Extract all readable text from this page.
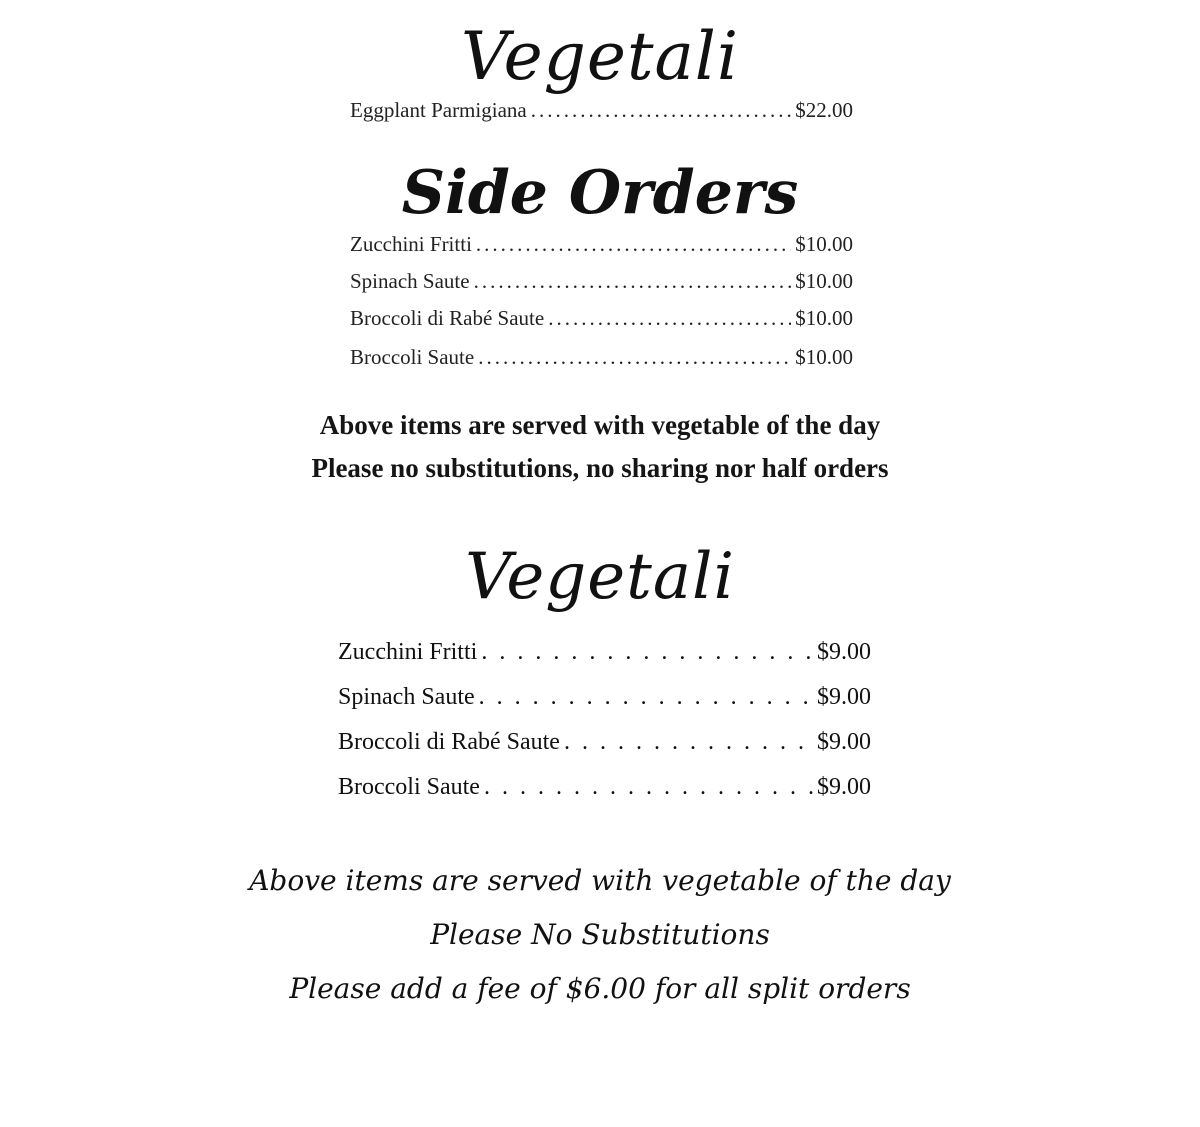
Vegetali
Eggplant Parmigiana .....	$22.00
Side Orders
Zucchini Fritti .....	$10.00
Spinach Saute .....	$10.00
Broccoli di Rabé Saute .....	$10.00
Broccoli Saute .....	$10.00
Above items are served with vegetable of the day
Please no substitutions, no sharing nor half orders
Vegetali
Zucchini Fritti . . .	$9.00
Spinach Saute . . .	$9.00
Broccoli di Rabé Saute . . .	$9.00
Broccoli Saute . . .	$9.00
Above items are served with vegetable of the day
Please No Substitutions
Please add a fee of $6.00 for all split orders
